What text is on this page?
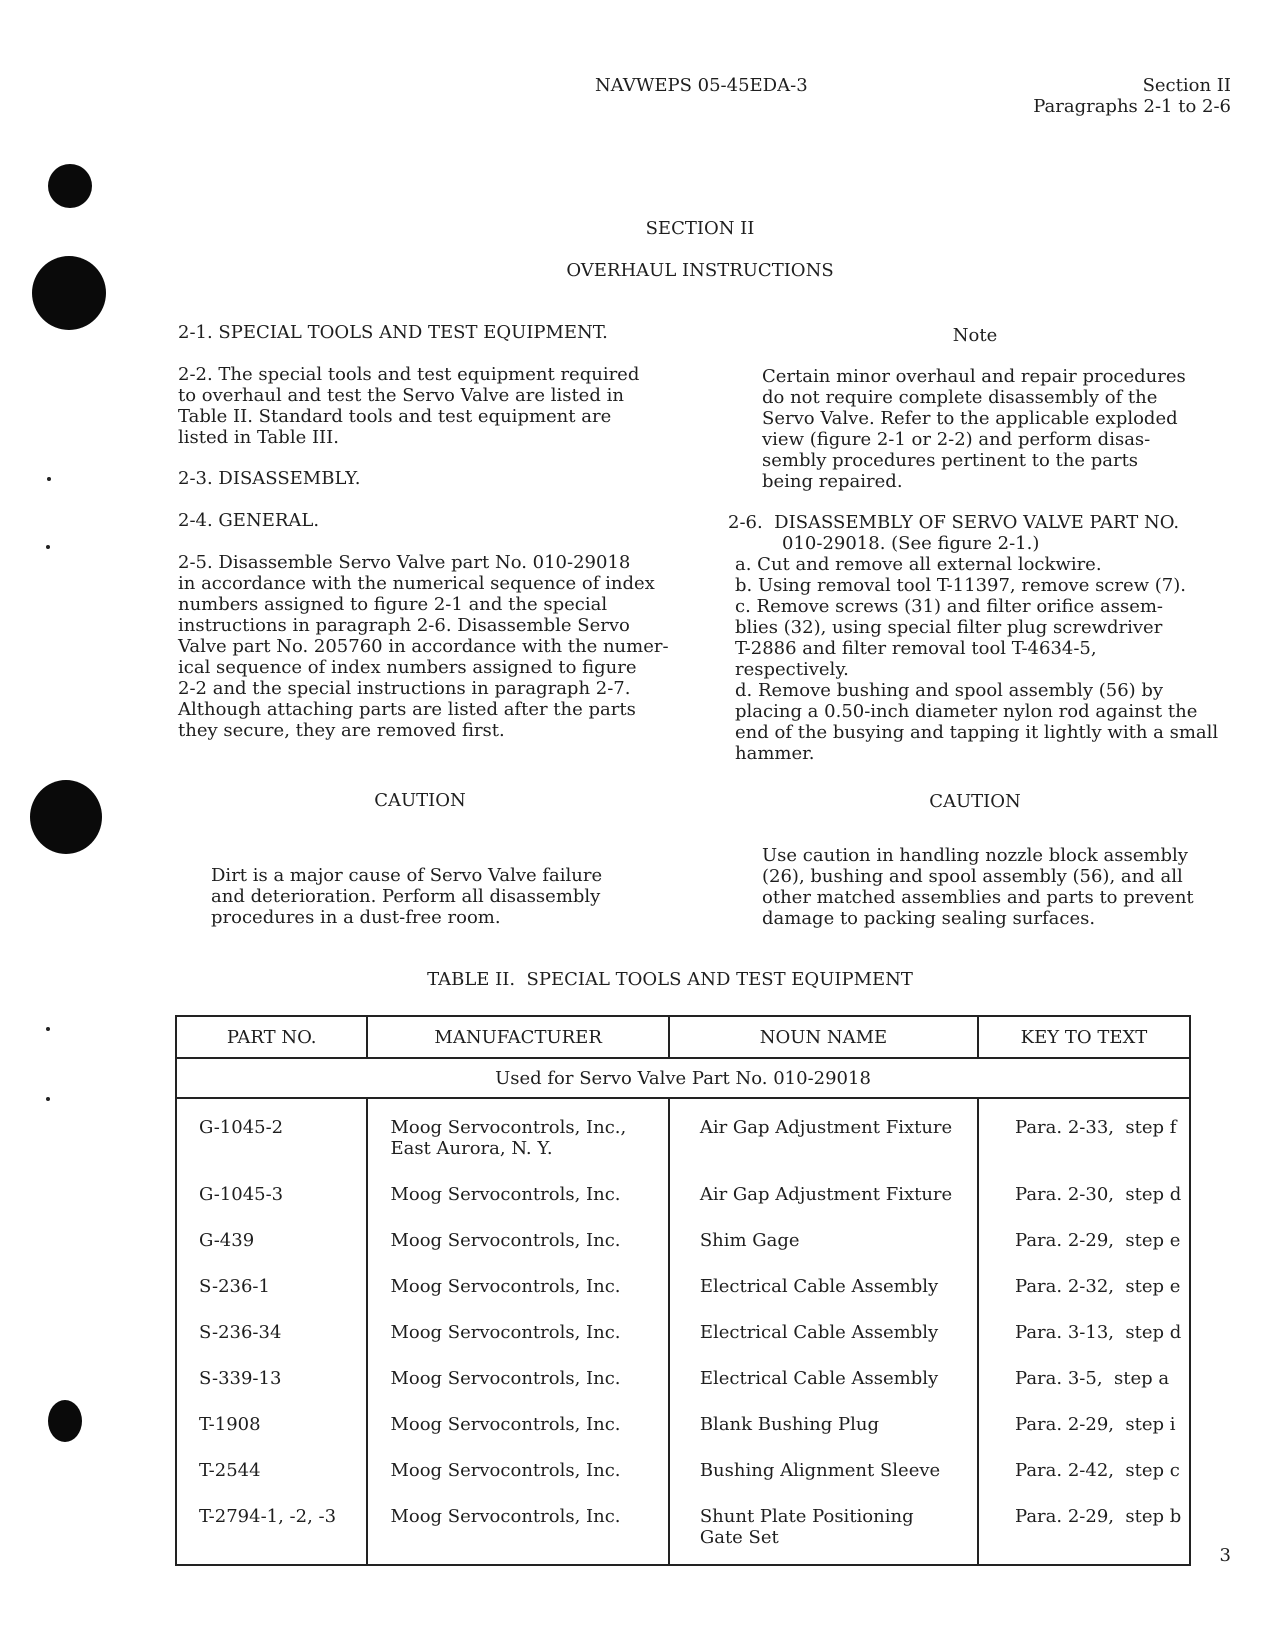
NAVWEPS 05-45EDA-3	Section II
Paragraphs 2-1 to 2-6
SECTION II
OVERHAUL INSTRUCTIONS

2-1. SPECIAL TOOLS AND TEST EQUIPMENT.

2-2. The special tools and test equipment required
to overhaul and test the Servo Valve are listed in
Table II. Standard tools and test equipment are
listed in Table III.

2-3. DISASSEMBLY.

2-4. GENERAL.

2-5. Disassemble Servo Valve part No. 010-29018
in accordance with the numerical sequence of index
numbers assigned to figure 2-1 and the special
instructions in paragraph 2-6. Disassemble Servo
Valve part No. 205760 in accordance with the numer-
ical sequence of index numbers assigned to figure
2-2 and the special instructions in paragraph 2-7.
Although attaching parts are listed after the parts
they secure, they are removed first.

CAUTION

Dirt is a major cause of Servo Valve failure
and deterioration. Perform all disassembly
procedures in a dust-free room.

Note

Certain minor overhaul and repair procedures
do not require complete disassembly of the
Servo Valve. Refer to the applicable exploded
view (figure 2-1 or 2-2) and perform disas-
sembly procedures pertinent to the parts
being repaired.

2-6.  DISASSEMBLY OF SERVO VALVE PART NO.
010-29018. (See figure 2-1.)
a. Cut and remove all external lockwire.
b. Using removal tool T-11397, remove screw (7).
c. Remove screws (31) and filter orifice assem-
blies (32), using special filter plug screwdriver
T-2886 and filter removal tool T-4634-5,
respectively.
d. Remove bushing and spool assembly (56) by
placing a 0.50-inch diameter nylon rod against the
end of the busying and tapping it lightly with a small
hammer.
CAUTION

Use caution in handling nozzle block assembly
(26), bushing and spool assembly (56), and all
other matched assemblies and parts to prevent
damage to packing sealing surfaces.

TABLE II.  SPECIAL TOOLS AND TEST EQUIPMENT
PART NO.	MANUFACTURER	NOUN NAME	KEY TO TEXT
Used for Servo Valve Part No. 010-29018			
G-1045-2	Moog Servocontrols, Inc.,
East Aurora, N. Y.	Air Gap Adjustment Fixture	Para. 2-33,  step f
G-1045-3	Moog Servocontrols, Inc.	Air Gap Adjustment Fixture	Para. 2-30,  step d
G-439	Moog Servocontrols, Inc.	Shim Gage	Para. 2-29,  step e
S-236-1	Moog Servocontrols, Inc.	Electrical Cable Assembly	Para. 2-32,  step e
S-236-34	Moog Servocontrols, Inc.	Electrical Cable Assembly	Para. 3-13,  step d
S-339-13	Moog Servocontrols, Inc.	Electrical Cable Assembly	Para. 3-5,  step a
T-1908	Moog Servocontrols, Inc.	Blank Bushing Plug	Para. 2-29,  step i
T-2544	Moog Servocontrols, Inc.	Bushing Alignment Sleeve	Para. 2-42,  step c
T-2794-1, -2, -3	Moog Servocontrols, Inc.	Shunt Plate Positioning
Gate Set	Para. 2-29,  step b
3
